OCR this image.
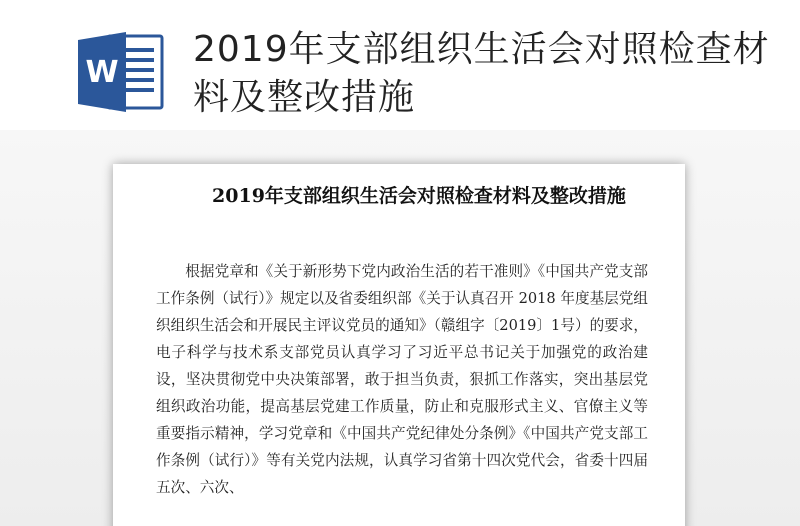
W
2019年支部组织生活会对照检查材料及整改措施
2019年支部组织生活会对照检查材料及整改措施
根据党章和《关于新形势下党内政治生活的若干准则》《中国共产党支部工作条例（试行）》规定以及省委组织部《关于认真召开 2018 年度基层党组织组织生活会和开展民主评议党员的通知》（赣组字〔2019〕1号）的要求，电子科学与技术系支部党员认真学习了习近平总书记关于加强党的政治建设，坚决贯彻党中央决策部署，敢于担当负责，狠抓工作落实，突出基层党组织政治功能，提高基层党建工作质量，防止和克服形式主义、官僚主义等重要指示精神，学习党章和《中国共产党纪律处分条例》《中国共产党支部工作条例（试行）》等有关党内法规，认真学习省第十四次党代会，省委十四届五次、六次、
